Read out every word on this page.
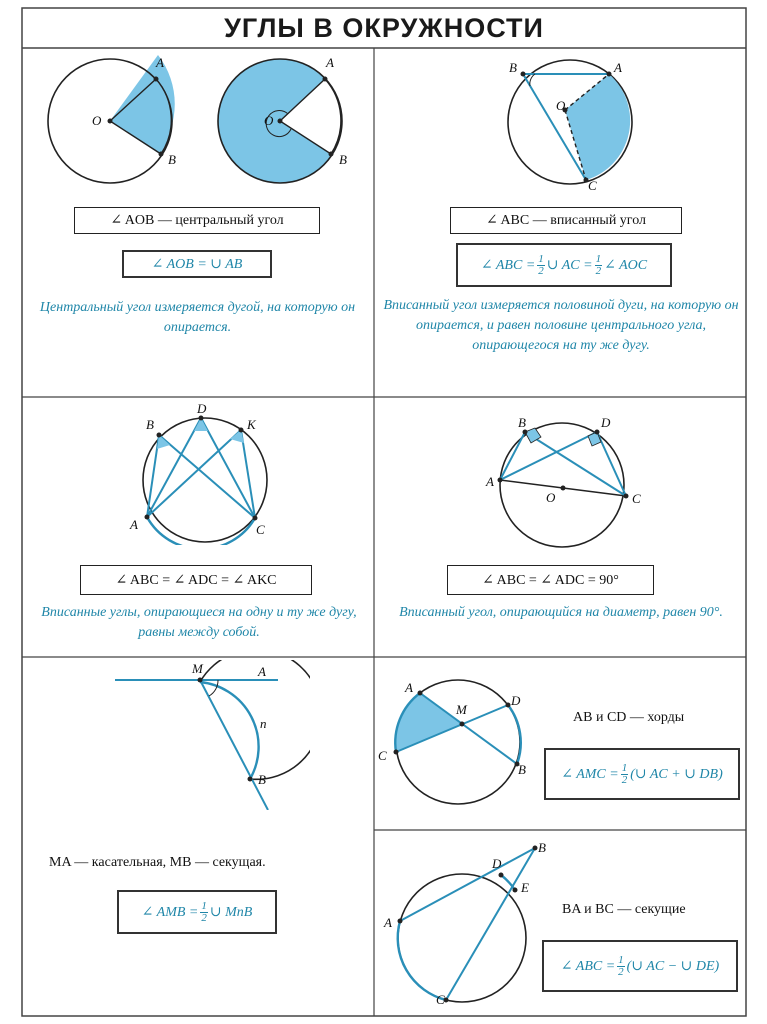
УГЛЫ В ОКРУЖНОСТИ
O
A
B
A
B
O
∠ AOB — центральный угол
∠ AOB = ∪ AB
Центральный угол измеряется дугой, на которую он опирается.
B	A
O
C
∠ ABC — вписанный угол
∠ ABC = $\frac{1}{2}$ ∪ AC = $\frac{1}{2}$ ∠ AOC
Вписанный угол измеряется половиной дуги, на которую он опирается, и равен половине центрального угла, опирающегося на ту же дугу.
B
D
K
A	C
∠ ABC = ∠ ADC = ∠ AKC
Вписанные углы, опирающиеся на одну и ту же дугу, равны между собой.
B	D
A
O	C
∠ ABC = ∠ ADC = 90°
Вписанный угол, опирающийся на диаметр, равен 90°.
M	A
n
B
MA — касательная, MB — секущая.
∠ AMB = $\frac{1}{2}$ ∪ MnB
A
M
D
C
B
AB и CD — хорды
∠ AMC = $\frac{1}{2}$ (∪ AC + ∪ DB)
B
D
E
A
C
BA и BC — секущие
∠ ABC = $\frac{1}{2}$ (∪ AC − ∪ DE)
